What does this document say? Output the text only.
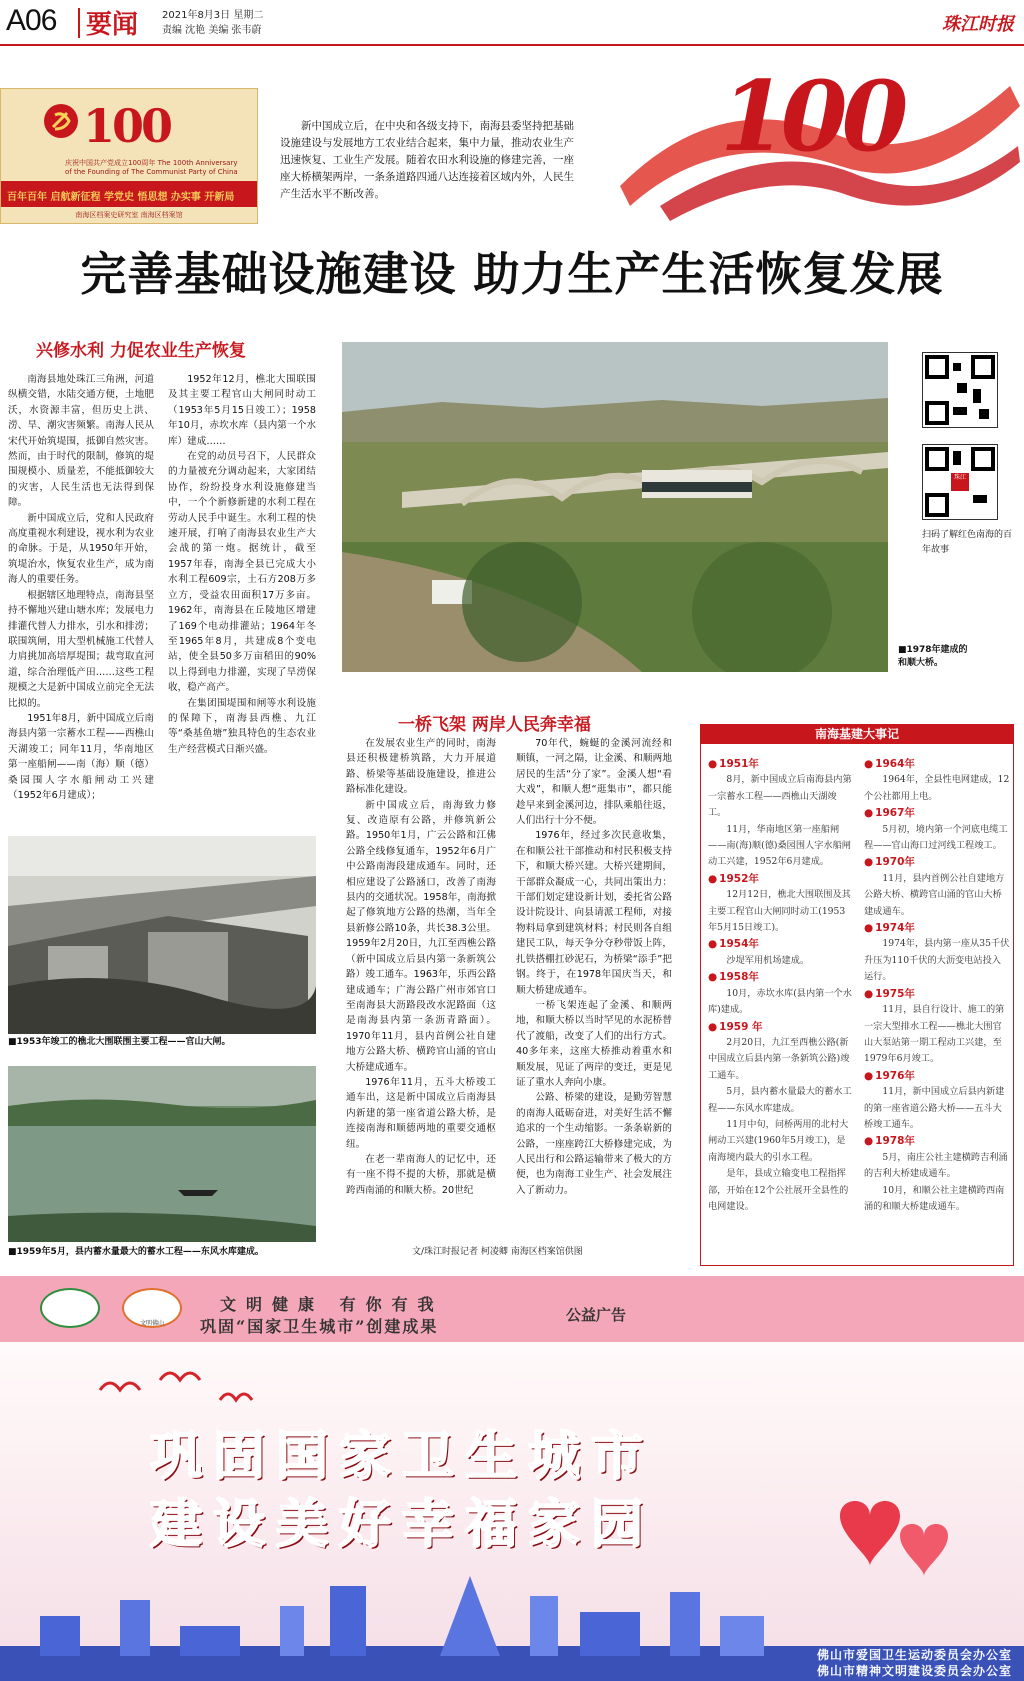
A06 要闻 2021年8月3日 星期二
责编 沈艳 美编 张韦蔚	珠江时报
100
庆祝中国共产党成立100周年 The 100th Anniversary of the Founding of The Communist Party of China
百年百年 启航新征程 学党史 悟思想 办实事 开新局
南海区档案史研究室 南海区档案馆
新中国成立后，在中央和各级支持下，南海县委坚持把基础设施建设与发展地方工农业结合起来，集中力量，推动农业生产迅速恢复、工业生产发展。随着农田水利设施的修建完善，一座座大桥横架两岸，一条条道路四通八达连接着区域内外，人民生产生活水平不断改善。
100
完善基础设施建设 助力生产生活恢复发展
兴修水利 力促农业生产恢复

南海县地处珠江三角洲，河道纵横交错，水陆交通方便，土地肥沃，水资源丰富，但历史上洪、涝、旱、潮灾害频繁。南海人民从宋代开始筑堤围，抵御自然灾害。然而，由于时代的限制，修筑的堤围规模小、质量差，不能抵御较大的灾害，人民生活也无法得到保障。

新中国成立后，党和人民政府高度重视水利建设，视水利为农业的命脉。于是，从1950年开始，筑堤治水，恢复农业生产，成为南海人的重要任务。

根据辖区地理特点，南海县坚持不懈地兴建山塘水库；发展电力排灌代替人力排水，引水和排涝；联围筑闸，用大型机械施工代替人力肩挑加高培厚堤围；裁弯取直河道，综合治理低产田……这些工程规模之大是新中国成立前完全无法比拟的。

1951年8月，新中国成立后南海县内第一宗蓄水工程——西樵山天湖竣工；同年11月，华南地区第一座船闸——南（海）顺（德）桑园围人字水船闸动工兴建（1952年6月建成）；

1952年12月，樵北大围联围及其主要工程官山大闸同时动工（1953年5月15日竣工）；1958年10月，赤坎水库（县内第一个水库）建成……

在党的动员号召下，人民群众的力量被充分调动起来，大家团结协作，纷纷投身水利设施修建当中，一个个新修新建的水利工程在劳动人民手中诞生。水利工程的快速开展，打响了南海县农业生产大会战的第一炮。据统计，截至1957年春，南海全县已完成大小水利工程609宗，土石方208万多立方，受益农田面积17万多亩。1962年，南海县在丘陵地区增建了169个电动排灌站；1964年冬至1965年8月，共建成8个变电站，使全县50多万亩稻田的90%以上得到电力排灌，实现了旱涝保收，稳产高产。

在集团围堤围和闸等水利设施的保障下，南海县西樵、九江等“桑基鱼塘”独具特色的生态农业生产经营模式日渐兴盛。

■1978年建成的和顺大桥。
珠江
扫码了解红色南海的百年故事
■1953年竣工的樵北大围联围主要工程——官山大闸。
■1959年5月，县内蓄水量最大的蓄水工程——东风水库建成。
一桥飞架 两岸人民奔幸福

在发展农业生产的同时，南海县还积极建桥筑路，大力开展道路、桥梁等基础设施建设，推进公路标准化建设。

新中国成立后，南海致力修复、改造原有公路，并修筑新公路。1950年1月，广云公路和江佛公路全线修复通车，1952年6月广中公路南海段建成通车。同时，还相应建设了公路涵口，改善了南海县内的交通状况。1958年，南海掀起了修筑地方公路的热潮，当年全县新修公路10条，共长38.3公里。1959年2月20日，九江至西樵公路（新中国成立后县内第一条新筑公路）竣工通车。1963年，乐西公路建成通车；广海公路广州市郊官口至南海县大沥路段改水泥路面（这是南海县内第一条沥青路面）。1970年11月，县内首例公社自建地方公路大桥、横跨官山涌的官山大桥建成通车。

1976年11月，五斗大桥竣工通车出，这是新中国成立后南海县内新建的第一座省道公路大桥，是连接南海和顺德两地的重要交通枢纽。

在老一辈南海人的记忆中，还有一座不得不提的大桥，那就是横跨西南涌的和顺大桥。20世纪

70年代，蜿蜒的金溪河流经和顺镇，一河之隔，让金溪、和顺两地居民的生活“分了家”。金溪人想“看大戏”，和顺人想“逛集市”，都只能趁早来到金溪河边，排队乘船往返，人们出行十分不便。

1976年，经过多次民意收集，在和顺公社干部推动和村民积极支持下，和顺大桥兴建。大桥兴建期间，干部群众凝成一心，共同出策出力：干部们划定建设新计划，委托省公路设计院设计、向县请派工程师，对接物料局拿到建筑材料；村民则各自组建民工队，每天争分夺秒带饭上阵，扎铁搭棚扛砂泥石，为桥梁“添手”把钢。终于，在1978年国庆当天，和顺大桥建成通车。

一桥飞架连起了金溪、和顺两地，和顺大桥以当时罕见的水泥桥替代了渡船，改变了人们的出行方式。40多年来，这座大桥推动着重水和顺发展，见证了两岸的变迁，更是见证了重水人奔向小康。

公路、桥梁的建设，是勤劳智慧的南海人砥砺奋进，对美好生活不懈追求的一个生动缩影。一条条崭新的公路，一座座跨江大桥修建完成，为人民出行和公路运输带来了极大的方便，也为南海工业生产、社会发展注入了新动力。

文/珠江时报记者 柯凌卿 南海区档案馆供图
南海基建大事记
● 1951年

8月，新中国成立后南海县内第一宗蓄水工程——西樵山天湖竣工。

11月，华南地区第一座船闸——南(海)顺(德)桑园围人字水船闸动工兴建，1952年6月建成。

● 1952年

12月12日，樵北大围联围及其主要工程官山大闸同时动工(1953年5月15日竣工)。

● 1954年

沙堤军用机场建成。

● 1958年

10月，赤坎水库(县内第一个水库)建成。

● 1959 年

2月20日，九江至西樵公路(新中国成立后县内第一条新筑公路)竣工通车。

5月，县内蓄水量最大的蓄水工程——东风水库建成。

11月中旬，问桥两用的北村大闸动工兴建(1960年5月竣工)，是南海境内最大的引水工程。

是年，县成立输变电工程指挥部，开始在12个公社展开全县性的电网建设。

● 1964年

1964年，全县性电网建成，12个公社都用上电。

● 1967年

5月初，境内第一个河底电缆工程——官山海口过河线工程竣工。

● 1970年

11月，县内首例公社自建地方公路大桥、横跨官山涌的官山大桥建成通车。

● 1974年

1974年，县内第一座从35千伏升压为110千伏的大沥变电站投入运行。

● 1975年

11月，县自行设计、施工的第一宗大型排水工程——樵北大围官山大泵站第一期工程动工兴建，至1979年6月竣工。

● 1976年

11月，新中国成立后县内新建的第一座省道公路大桥——五斗大桥竣工通车。

● 1978年

5月，南庄公社主建横跨吉利涌的吉利大桥建成通车。

10月，和顺公社主建横跨西南涌的和顺大桥建成通车。

文明佛山
文明健康 有你有我
巩固“国家卫生城市”创建成果
公益广告
巩固国家卫生城市
建设美好幸福家园
佛山市爱国卫生运动委员会办公室
佛山市精神文明建设委员会办公室
